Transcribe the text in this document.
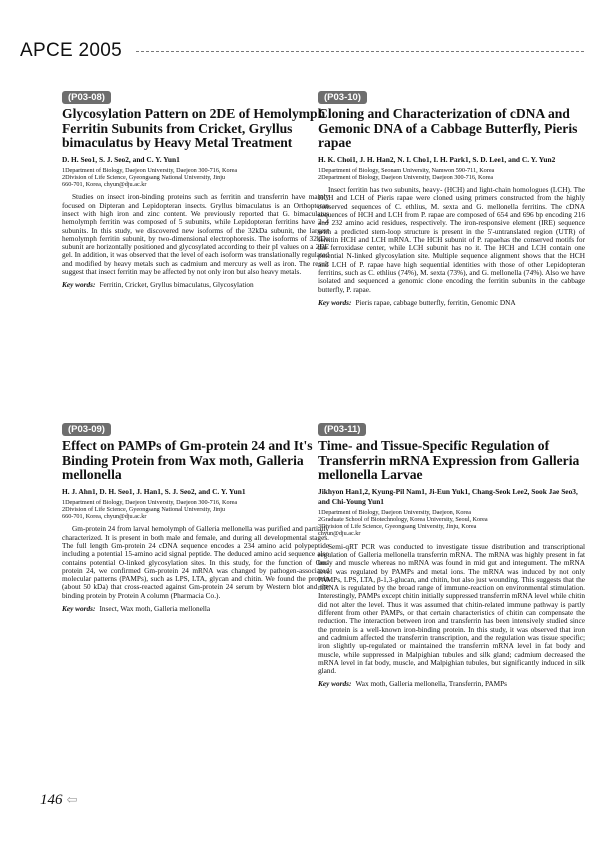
APCE 2005
(P03-08)
Glycosylation Pattern on 2DE of Hemolymph Ferritin Subunits from Cricket, Gryllus bimaculatus by Heavy Metal Treatment
D. H. Seo1, S. J. Seo2, and C. Y. Yun1
1Department of Biology, Daejeon University, Daejeon 300-716, Korea
2Division of Life Science, Gyeongsang National University, Jinju
660-701, Korea, chyun@dju.ac.kr

Studies on insect iron-binding proteins such as ferritin and transferrin have mainly focused on Dipteran and Lepidopteran insects. Gryllus bimaculatus is an Orthopteran insect with high iron and zinc content. We previously reported that G. bimaculatus hemolymph ferritin was composed of 5 subunits, while Lepidopteran ferritins have 2–4 subunits. In this study, we discovered new isoforms of the 32kDa subunit, the largest hemolymph ferritin subunit, by two-dimensional electrophoresis. The isoforms of 32kDa subunit are horizontally positioned and glycosylated according to their pI values on a 2DE gel. In addition, it was observed that the level of each isoform was translationally regulated and modified by heavy metals such as cadmium and mercury as well as iron. The result suggest that insect ferritin may be affected by not only iron but also heavy metals.

Key words: Ferritin, Cricket, Gryllus bimaculatus, Glycosylation
(P03-10)
Cloning and Characterization of cDNA and Gemonic DNA of a Cabbage Butterfly, Pieris rapae
H. K. Choi1, J. H. Han2, N. I. Cho1, I. H. Park1, S. D. Lee1, and C. Y. Yun2
1Department of Biology, Seonam University, Namwon 590-711, Korea
2Department of Biology, Daejeon University, Daejeon 300-716, Korea

Insect ferritin has two subunits, heavy- (HCH) and light-chain homologues (LCH). The HCH and LCH of Pieris rapae were cloned using primers constructed from the highly conserved sequences of C. ethlius, M. sexta and G. mellonella ferritins. The cDNA sequences of HCH and LCH from P. rapae are composed of 654 and 696 bp encoding 216 and 232 amino acid residues, respectively. The iron-responsive element (IRE) sequence with a predicted stem-loop structure is present in the 5'-untranslated region (UTR) of ferritin HCH and LCH mRNA. The HCH subunit of P. rapaehas the conserved motifs for the ferroxidase center, while LCH subunit has no it. The HCH and LCH contain one potential N-linked glycosylation site. Multiple sequence alignment shows that the HCH and LCH of P. rapae have high sequential identities with those of other Lepidopteran ferritins, such as C. ethlius (74%), M. sexta (73%), and G. mellonella (74%). Also we have isolated and sequenced a genomic clone encoding the ferritin subunits in the cabbage butterfly, P. rapae.

Key words: Pieris rapae, cabbage butterfly, ferritin, Genomic DNA
(P03-09)
Effect on PAMPs of Gm-protein 24 and It's Binding Protein from Wax moth, Galleria mellonella
H. J. Ahn1, D. H. Seo1, J. Han1, S. J. Seo2, and C. Y. Yun1
1Department of Biology, Daejeon University, Daejeon 300-716, Korea
2Division of Life Science, Gyeongsang National University, Jinju
660-701, Korea, chyun@dju.ac.kr

Gm-protein 24 from larval hemolymph of Galleria mellonella was purified and partially characterized. It is present in both male and female, and during all developmental stages. The full length Gm-protein 24 cDNA sequence encodes a 234 amino acid polypeptide including a potential 15-amino acid signal peptide. The deduced amino acid sequence also contains potential O-linked glycosylation sites. In this study, for the function of Gm-protein 24, we confirmed Gm-protein 24 mRNA was changed by pathogen-associated molecular patterns (PAMPs), such as LPS, LTA, glycan and chitin. We found the protein (about 50 kDa) that cross-reacted against Gm-protein 24 serum by Western blot and the binding protein by Protein A column (Pharmacia Co.).

Key words: Insect, Wax moth, Galleria mellonella
(P03-11)
Time- and Tissue-Specific Regulation of Transferrin mRNA Expression from Galleria mellonella Larvae
Jikhyon Han1,2, Kyung-Pil Nam1, Ji-Eun Yuk1, Chang-Seok Lee2, Sook Jae Seo3, and Chi-Young Yun1
1Department of Biology, Daejeon University, Daejeon, Korea
2Graduate School of Biotechnology, Korea University, Seoul, Korea
3Division of Life Science, Gyeongsang University, Jinju, Korea
chyun@dju.ac.kr

Semi-qRT PCR was conducted to investigate tissue distribution and transcriptional regulation of Galleria mellonella transferrin mRNA. The mRNA was highly present in fat body and muscle whereas no mRNA was found in mid gut and integument. The mRNA level was regulated by PAMPs and metal ions. The mRNA was induced by not only PAMPs, LPS, LTA, β-1,3-glucan, and chitin, but also just wounding. This suggests that the mRNA is regulated by the broad range of immune-reaction on environmental stimulation. Interestingly, PAMPs except chitin initially suppressed transferrin mRNA level while chitin did not alter the level. Thus it was assumed that chitin-related immune pathway is partly different from other PAMPs, or that certain characteristics of chitin can compensate the reduction. The interaction between iron and transferrin has been intensively studied since the protein is a well-known iron-binding protein. In this study, it was observed that iron and cadmium affected the transferrin transcription, and the regulation was tissue specific; iron slightly up-regulated or maintained the transferrin mRNA level in fat body and muscle, while suppressed in Malpighian tubules and silk gland; cadmium decreased the mRNA level in fat body, muscle, and Malpighian tubules, but significantly induced in silk gland.

Key words: Wax moth, Galleria mellonella, Transferrin, PAMPs
146 ⇦
